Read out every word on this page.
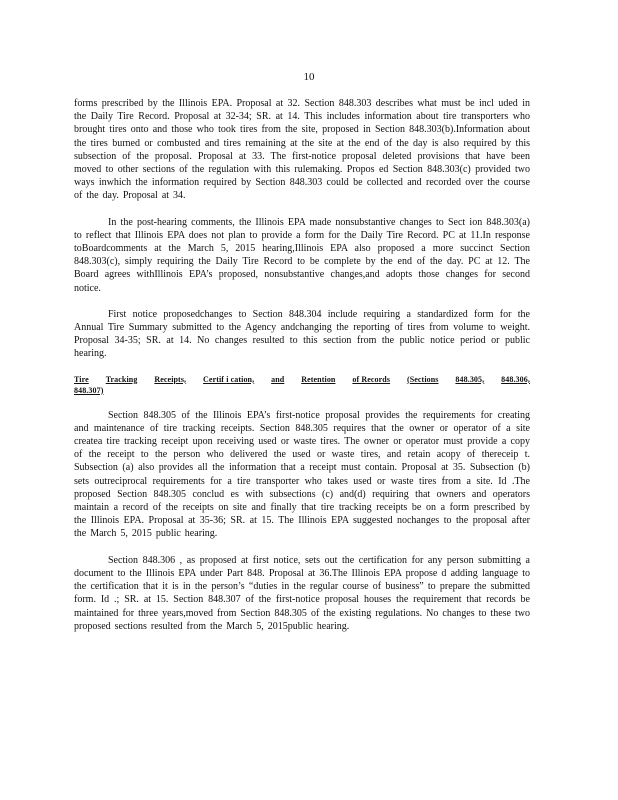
10

forms prescribed by the Illinois EPA. Proposal at 32. Section 848.303 describes what must be incl uded in the Daily Tire Record. Proposal at 32-34; SR. at 14. This includes information about tire transporters who brought tires onto and those who took tires from the site, proposed in Section 848.303(b).Information about the tires burned or combusted and tires remaining at the site at the end of the day is also required by this subsection of the proposal. Proposal at 33. The first-notice proposal deleted provisions that have been moved to other sections of the regulation with this rulemaking. Propos ed Section 848.303(c) provided two ways inwhich the information required by Section 848.303 could be collected and recorded over the course of the day. Proposal at 34.

In the post-hearing comments, the Illinois EPA made nonsubstantive changes to Sect ion 848.303(a) to reflect that Illinois EPA does not plan to provide a form for the Daily Tire Record. PC at 11.In response toBoardcomments at the March 5, 2015 hearing,Illinois EPA also proposed a more succinct Section 848.303(c), simply requiring the Daily Tire Record to be complete by the end of the day. PC at 12. The Board agrees withIllinois EPA’s proposed, nonsubstantive changes,and adopts those changes for second notice.

First notice proposedchanges to Section 848.304 include requiring a standardized form for the Annual Tire Summary submitted to the Agency andchanging the reporting of tires from volume to weight. Proposal 34-35; SR. at 14. No changes resulted to this section from the public notice period or public hearing.

Tire Tracking Receipts, Certif i cation, and Retention of Records (Sections 848.305, 848.306,
848.307)

Section 848.305 of the Illinois EPA’s first-notice proposal provides the requirements for creating and maintenance of tire tracking receipts. Section 848.305 requires that the owner or operator of a site createa tire tracking receipt upon receiving used or waste tires. The owner or operator must provide a copy of the receipt to the person who delivered the used or waste tires, and retain acopy of thereceip t. Subsection (a) also provides all the information that a receipt must contain. Proposal at 35. Subsection (b) sets outreciprocal requirements for a tire transporter who takes used or waste tires from a site. Id .The proposed Section 848.305 conclud es with subsections (c) and(d) requiring that owners and operators maintain a record of the receipts on site and finally that tire tracking receipts be on a form prescribed by the Illinois EPA. Proposal at 35-36; SR. at 15. The Illinois EPA suggested nochanges to the proposal after the March 5, 2015 public hearing.

Section 848.306 , as proposed at first notice, sets out the certification for any person submitting a document to the Illinois EPA under Part 848. Proposal at 36.The Illinois EPA propose d adding language to the certification that it is in the person’s “duties in the regular course of business” to prepare the submitted form. Id .; SR. at 15. Section 848.307 of the first-notice proposal houses the requirement that records be maintained for three years,moved from Section 848.305 of the existing regulations. No changes to these two proposed sections resulted from the March 5, 2015public hearing.
